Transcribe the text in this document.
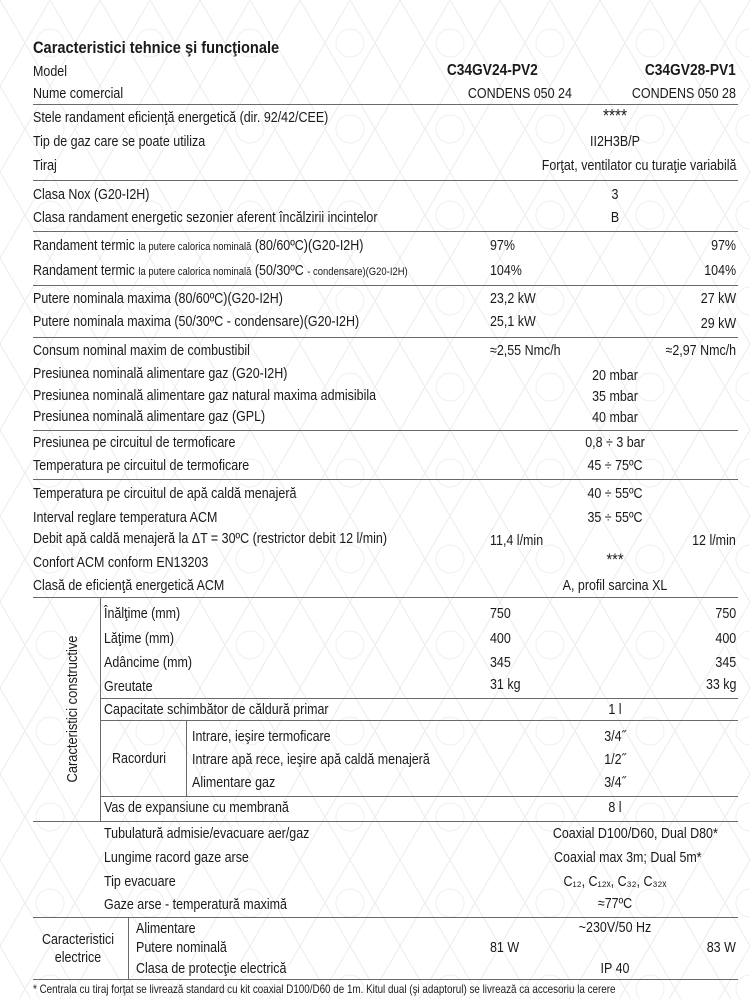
Caracteristici tehnice şi funcţionale
Model	C34GV24-PV2	C34GV28-PV1
Nume comercial	CONDENS 050 24	CONDENS 050 28
Stele randament eficienţă energetică (dir. 92/42/CEE)	****
Tip de gaz care se poate utiliza	II2H3B/P
Tiraj	Forţat, ventilator cu turaţie variabilă
Clasa Nox (G20-I2H)	3
Clasa randament energetic sezonier aferent încălzirii incintelor	B
Randament termic la putere calorica nominală (80/60ºC)(G20-I2H)	97%	97%
Randament termic la putere calorica nominală (50/30ºC - condensare)(G20-I2H)	104%	104%
Putere nominala maxima (80/60ºC)(G20-I2H)	23,2 kW	27 kW
Putere nominala maxima (50/30ºC - condensare)(G20-I2H)	25,1 kW	29 kW
Consum nominal maxim de combustibil	≈2,55 Nmc/h	≈2,97 Nmc/h
Presiunea nominală alimentare gaz (G20-I2H)	20 mbar
Presiunea nominală alimentare gaz natural maxima admisibila	35 mbar
Presiunea nominală alimentare gaz (GPL)	40 mbar
Presiunea pe circuitul de termoficare	0,8 ÷ 3 bar
Temperatura pe circuitul de termoficare	45 ÷ 75ºC
Temperatura pe circuitul de apă caldă menajeră	40 ÷ 55ºC
Interval reglare temperatura ACM	35 ÷ 55ºC
Debit apă caldă menajeră la ΔT = 30ºC (restrictor debit 12 l/min)	11,4 l/min	12 l/min
Confort ACM conform EN13203	***
Clasă de eficienţă energetică ACM	A, profil sarcina XL
Caracteristici constructive
Înălţime (mm)	750	750
Lăţime (mm)	400	400
Adâncime (mm)	345	345
Greutate	31 kg	33 kg
Capacitate schimbător de căldură primar	1 l
Racorduri
Intrare, ieşire termoficare	3/4˝
Intrare apă rece, ieşire apă caldă menajeră	1/2˝
Alimentare gaz	3/4˝
Vas de expansiune cu membrană	8 l
Tubulatură admisie/evacuare aer/gaz	Coaxial D100/D60, Dual D80*
Lungime racord gaze arse	Coaxial max 3m; Dual 5m*
Tip evacuare	C₁₂, C₁₂ₓ, C₃₂, C₃₂ₓ
Gaze arse - temperatură maximă	≈77ºC
Caracteristici
electrice
Alimentare	~230V/50 Hz
Putere nominală	81 W	83 W
Clasa de protecţie electrică	IP 40
* Centrala cu tiraj forţat se livrează standard cu kit coaxial D100/D60 de 1m. Kitul dual (şi adaptorul) se livrează ca accesoriu la cerere
